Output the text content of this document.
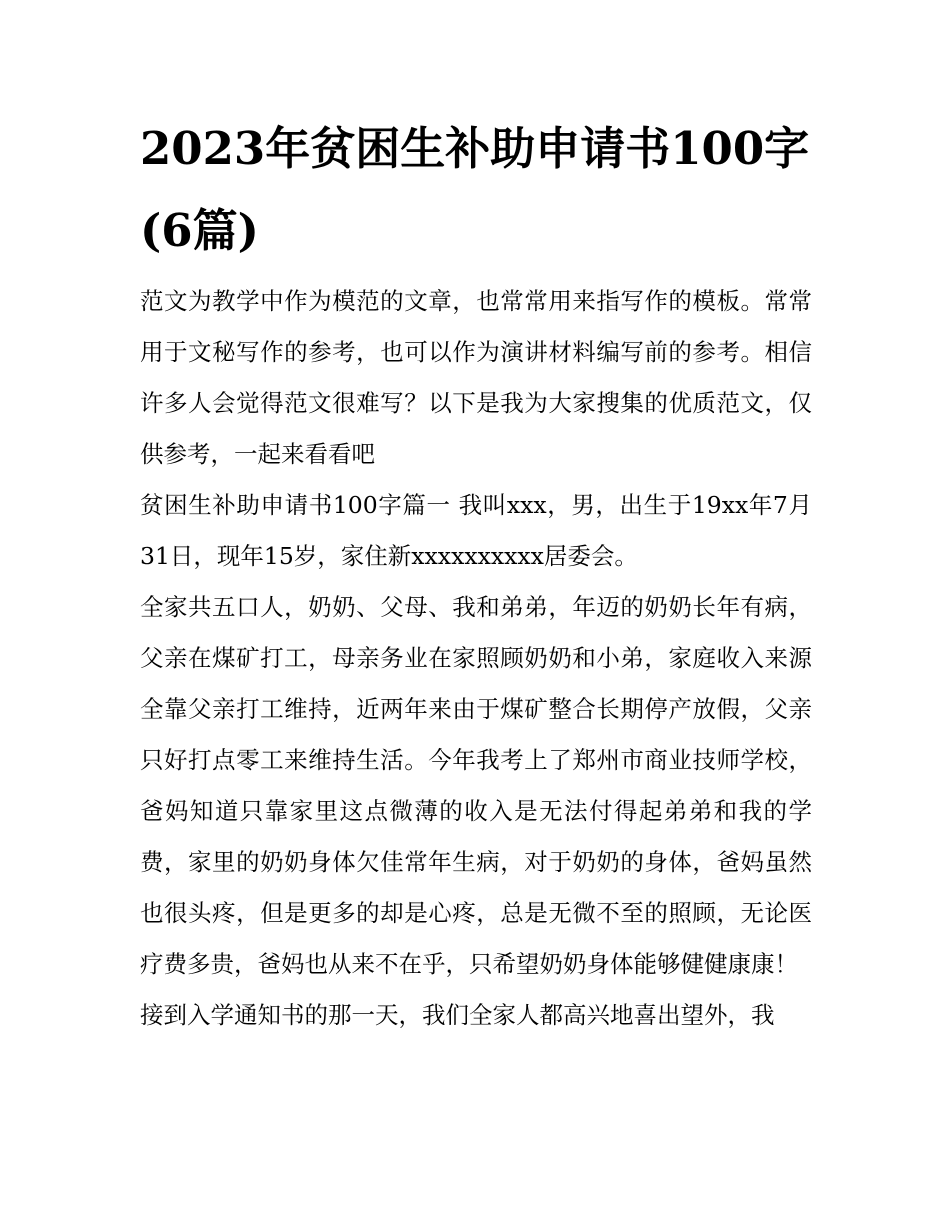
2023年贫困生补助申请书100字(6篇)

范文为教学中作为模范的文章，也常常用来指写作的模板。常常用于文秘写作的参考，也可以作为演讲材料编写前的参考。相信许多人会觉得范文很难写？以下是我为大家搜集的优质范文，仅供参考，一起来看看吧

贫困生补助申请书100字篇一 我叫xxx，男，出生于19xx年7月31日，现年15岁，家住新xxxxxxxxxx居委会。

全家共五口人，奶奶、父母、我和弟弟，年迈的奶奶长年有病，父亲在煤矿打工，母亲务业在家照顾奶奶和小弟，家庭收入来源全靠父亲打工维持，近两年来由于煤矿整合长期停产放假，父亲只好打点零工来维持生活。今年我考上了郑州市商业技师学校，爸妈知道只靠家里这点微薄的收入是无法付得起弟弟和我的学费，家里的奶奶身体欠佳常年生病，对于奶奶的身体，爸妈虽然也很头疼，但是更多的却是心疼，总是无微不至的照顾，无论医疗费多贵，爸妈也从来不在乎，只希望奶奶身体能够健健康康！

接到入学通知书的那一天，我们全家人都高兴地喜出望外，我
